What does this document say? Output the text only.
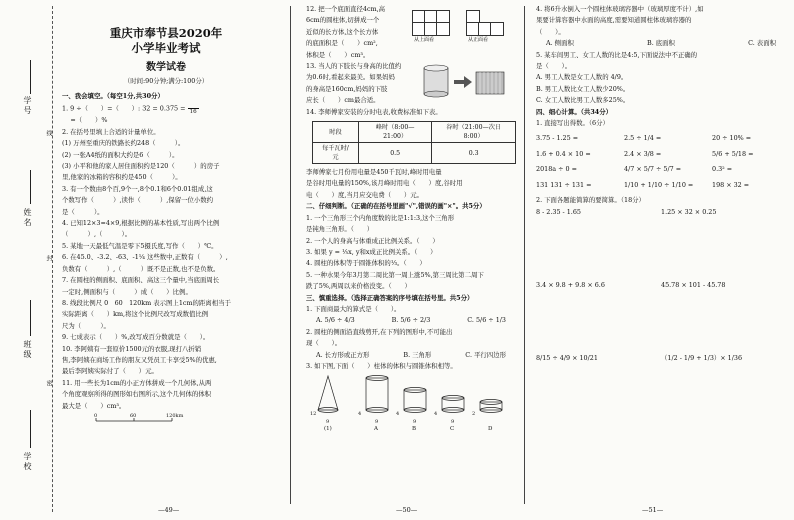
学号
姓名
班级
学校
线
封
密
重庆市奉节县2020年
小学毕业考试
数学试卷
（时间:90分钟;满分:100分）
一、我会填空。（每空1分,共30分）
1. 9 ÷（　　）=（　　）: 32 = 0.375 =
　　 16
　 =（　　）%
2. 在括号里填上合适的计量单位。
(1) 万州至重庆的铁路长约248（　　　）。
(2) 一张A4纸的面积大约是6（　　　）。
(3) 小平和他的家人居住面积约是120（　　　）的房子
里,他家的冰箱的容积约是450（　　　）。
3. 有一个数由8个百,9个一,8个0.1和6个0.01组成,这
个数写作（　　　）,读作（　　　）,保留一位小数约
是（　　　）。
4. 已知12×3=4×9,根据比例的基本性质,写出两个比例
（　　　）,（　　　）。
5. 某地一天最低气温是零下5摄氏度,写作（　　）℃。
6. 在45.0、-3.2、-63、-1¼ 这些数中,正数有（　　　）,
负数有（　　　）,（　　　）既不是正数,也不是负数。
7. 在圆柱的侧面积、底面积、高这三个量中,当底面周长
一定时,侧面积与（　　　）成（　　）比例。
8. 线段比例尺 0　60　120km 表示图上1cm的距离相当于
实际距离（　　）km,将这个比例尺改写成数值比例
尺为（　　　）。
9. 七成表示（　　）%,改写成百分数就是（　　）。
10. 李阿姨有一套原价1500元的衣服,现打八折销
售,李阿姨在商场工作的朋友又凭员工卡享受5%的优惠,
最后李阿姨实际付了（　　）元。
11. 用一些长为1cm的小正方体拼成一个几何体,从两
个角度观察所得的图形如右图所示,这个几何体的体积
最大是（　　）cm³。
0	60	120km
12. 把一个底面直径4cm,高
6cm的圆柱体,切拼成一个
近似的长方体,这个长方体
的底面积是（　　）cm²,
体积是（　　）cm³。
13. 当人的下肢长与身高的比值约
为0.6时,看起来最美。如果妈妈
的身高是160cm,妈妈的下肢
应长（　　）cm最合适。
14. 李师傅家安装的分时电表,收费标准如下表。
时段	峰时（8:00—21:00）	谷时（21:00—次日8:00）
每千瓦时/元	0.5	0.3
李师傅家七月份用电量是450千瓦时,峰时用电量
是谷时用电量的150%,该月峰时用电（　　）度,谷时用
电（　　）度,当月应交电费（　　）元。
二、仔细判断。（正确的在括号里画"√",错误的画"×"。共5分）
1. 一个三角形三个内角度数的比是1:1:3,这个三角形
是钝角三角形。（　　）
2. 一个人的身高与体重成正比例关系。（　　）
3. 如果 y = ⅕x, y和x成正比例关系。（　　）
4. 圆柱的体积等于圆锥体积的⅓。（　　）
5. 一种水果今年3月第二周比第一周上涨5%,第三周比第二周下
跌了5%,两周以来价格没变。（　　）
三、慎重选择。（选择正确答案的序号填在括号里。共5分）
1. 下面商最大的算式是（　　）。
A. 5/6 ÷ 4/3	B. 5/6 ÷ 2/3	C. 5/6 ÷ 1/3
2. 圆柱的侧面沿直线剪开,在下列的图形中,不可能出
现（　　）。
A. 长方形或正方形	B. 三角形	C. 平行四边形
3. 如下图,下面（　　）柱体的体积与圆锥体积相等。
12
9
4
9
4
9
4
9
2
(1)	A	B	C	D
从上面看	从正面看
4. 将6升水倒入一个圆柱体玻璃容器中（玻璃厚度不计）,如
果要计算容器中水面的高度,需要知道圆柱体玻璃容器的
（　　）。
A. 侧面积	B. 底面积	C. 表面积
5. 某车间男工、女工人数的比是4:5,下面说法中不正确的
是（　　）。
A. 男工人数是女工人数的 4/9。
B. 男工人数比女工人数少20%。
C. 女工人数比男工人数多25%。
四、细心计算。（共34分）
1. 直接写出得数。（6分）
3.75 - 1.25 =	2.5 ÷ 1/4 =	20 ÷ 10% =
1.6 + 0.4 × 10 =	2.4 × 3/8 =	5/6 + 5/18 =
2018a ÷ 0 =	4/7 × 5/7 ÷ 5/7 =	0.3² =
131 131 ÷ 131 =	1/10 + 1/10 ÷ 1/10 =	198 × 32 =
2. 下面各题能简算的要简算。（18分）
8 - 2.35 - 1.65	1.25 × 32 × 0.25
3.4 × 9.8 + 9.8 × 6.6	45.78 × 101 - 45.78
8/15 ÷ 4/9 × 10/21	（1/2 - 1/9 + 1/3）× 1/36
—49—	—50—	—51—
